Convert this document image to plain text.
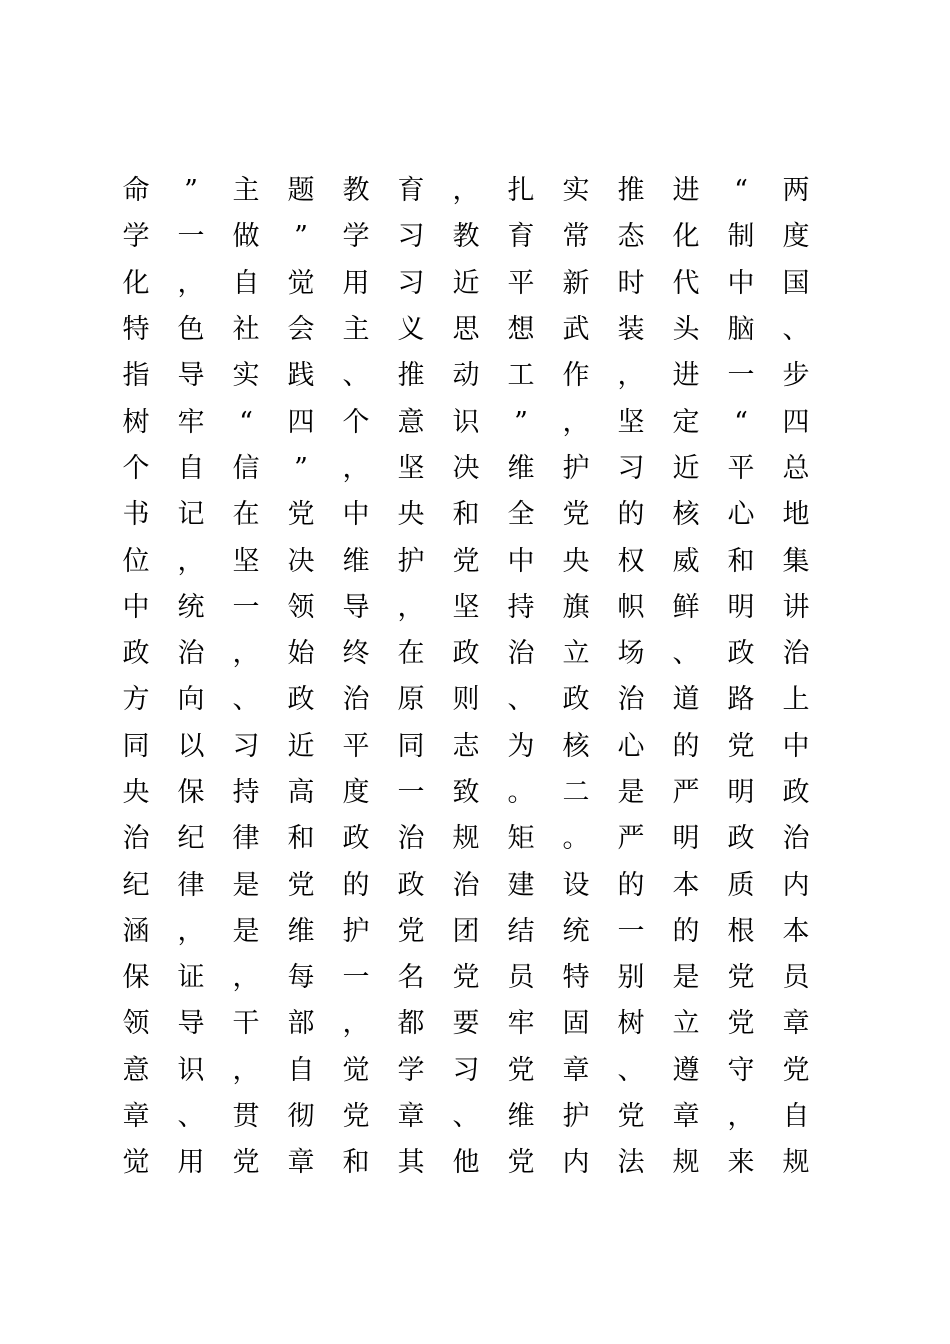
命	”	主 题 教 育 ， 扎 实 推 进	“	两
学 一 做	”	学 习 教 育 常 态 化 制 度
化 ， 自 觉 用 习 近 平 新 时 代 中 国
特 色 社 会 主 义 思 想 武 装 头 脑 、
指 导 实 践 、 推 动 工 作 ， 进 一 步
树 牢	“	四 个 意 识	”	， 坚 定	“	四
个 自 信	”	， 坚 决 维 护 习 近 平 总
书 记 在 党 中 央 和 全 党 的 核 心 地
位 ， 坚 决 维 护 党 中 央 权 威 和 集
中 统 一 领 导 ， 坚 持 旗 帜 鲜 明 讲
政 治 ， 始 终 在 政 治 立 场 、 政 治
方 向 、 政 治 原 则 、 政 治 道 路 上
同 以 习 近 平 同 志 为 核 心 的 党 中
央 保 持 高 度 一 致 。 二 是 严 明 政
治 纪 律 和 政 治 规 矩 。 严 明 政 治
纪 律 是 党 的 政 治 建 设 的 本 质 内
涵 ， 是 维 护 党 团 结 统 一 的 根 本
保 证 ， 每 一 名 党 员 特 别 是 党 员
领 导 干 部 ， 都 要 牢 固 树 立 党 章
意 识 ， 自 觉 学 习 党 章 、 遵 守 党
章 、 贯 彻 党 章 、 维 护 党 章 ， 自
觉 用 党 章 和 其 他 党 内 法 规 来 规
